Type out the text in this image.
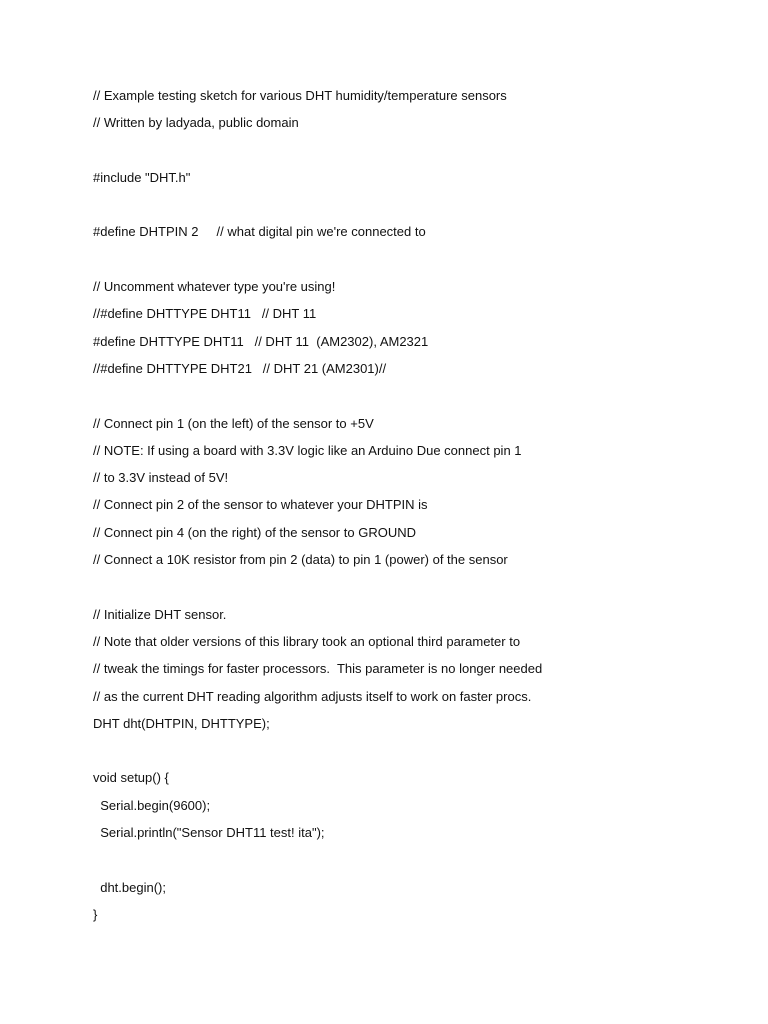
// Example testing sketch for various DHT humidity/temperature sensors
// Written by ladyada, public domain
#include "DHT.h"
#define DHTPIN 2     // what digital pin we're connected to
// Uncomment whatever type you're using!
//#define DHTTYPE DHT11   // DHT 11
#define DHTTYPE DHT11   // DHT 11  (AM2302), AM2321
//#define DHTTYPE DHT21   // DHT 21 (AM2301)//
// Connect pin 1 (on the left) of the sensor to +5V
// NOTE: If using a board with 3.3V logic like an Arduino Due connect pin 1
// to 3.3V instead of 5V!
// Connect pin 2 of the sensor to whatever your DHTPIN is
// Connect pin 4 (on the right) of the sensor to GROUND
// Connect a 10K resistor from pin 2 (data) to pin 1 (power) of the sensor
// Initialize DHT sensor.
// Note that older versions of this library took an optional third parameter to
// tweak the timings for faster processors.  This parameter is no longer needed
// as the current DHT reading algorithm adjusts itself to work on faster procs.
DHT dht(DHTPIN, DHTTYPE);
void setup() {
Serial.begin(9600);
Serial.println("Sensor DHT11 test! ita");
dht.begin();
}
